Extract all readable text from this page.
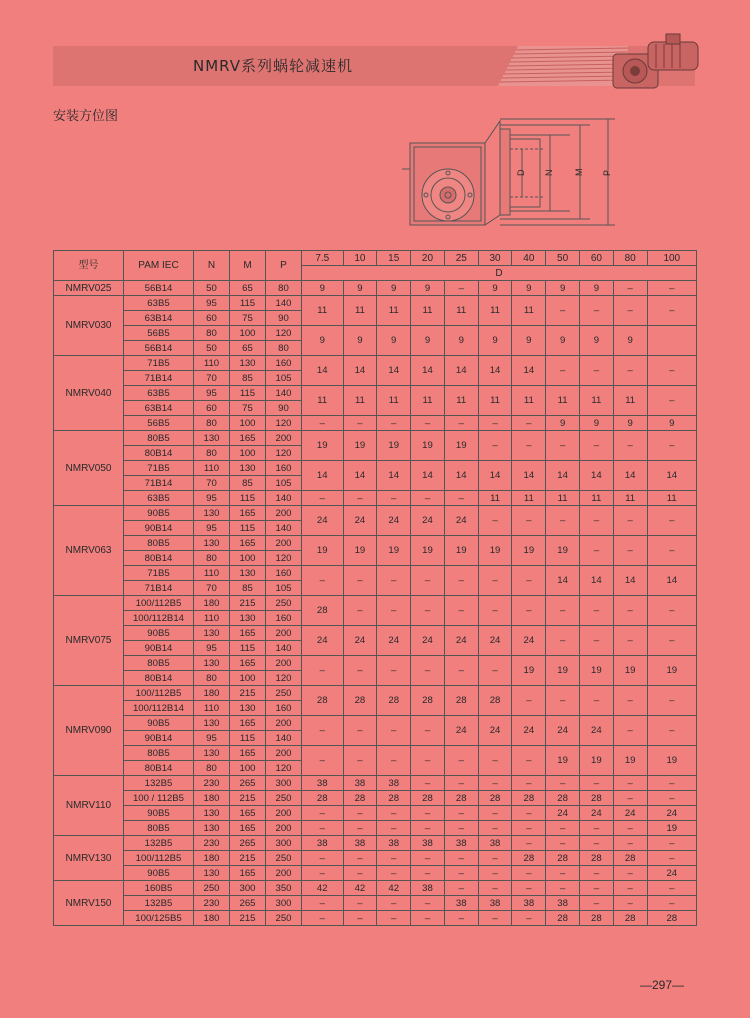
NMRV系列蜗轮减速机
安装方位图
D N M P
型号	PAM IEC	N	M	P	7.5	10	15	20	25	30	40	50	60	80	100
					D										
NMRV025	56B14	50	65	80	9	9	9	9	–	9	9	9	9	–	–
NMRV030	63B5	95	115	140	11	11	11	11	11	11	11	–	–	–	–
	63B14	60	75	90											
	56B5	80	100	120	9	9	9	9	9	9	9	9	9	9	
	56B14	50	65	80											
NMRV040	71B5	110	130	160	14	14	14	14	14	14	14	–	–	–	–
	71B14	70	85	105											
	63B5	95	115	140	11	11	11	11	11	11	11	11	11	11	–
	63B14	60	75	90											
	56B5	80	100	120	–	–	–	–	–	–	–	9	9	9	9
NMRV050	80B5	130	165	200	19	19	19	19	19	–	–	–	–	–	–
	80B14	80	100	120											
	71B5	110	130	160	14	14	14	14	14	14	14	14	14	14	14
	71B14	70	85	105											
	63B5	95	115	140	–	–	–	–	–	11	11	11	11	11	11
NMRV063	90B5	130	165	200	24	24	24	24	24	–	–	–	–	–	–
	90B14	95	115	140											
	80B5	130	165	200	19	19	19	19	19	19	19	19	–	–	–
	80B14	80	100	120											
	71B5	110	130	160	–	–	–	–	–	–	–	14	14	14	14
	71B14	70	85	105											
NMRV075	100/112B5	180	215	250	28	–	–	–	–	–	–	–	–	–	–
	100/112B14	110	130	160											
	90B5	130	165	200	24	24	24	24	24	24	24	–	–	–	–
	90B14	95	115	140											
	80B5	130	165	200	–	–	–	–	–	–	19	19	19	19	19
	80B14	80	100	120											
NMRV090	100/112B5	180	215	250	28	28	28	28	28	28	–	–	–	–	–
	100/112B14	110	130	160											
	90B5	130	165	200	–	–	–	–	24	24	24	24	24	–	–
	90B14	95	115	140											
	80B5	130	165	200	–	–	–	–	–	–	–	19	19	19	19
	80B14	80	100	120											
NMRV110	132B5	230	265	300	38	38	38	–	–	–	–	–	–	–	–
	100 / 112B5	180	215	250	28	28	28	28	28	28	28	28	28	–	–
	90B5	130	165	200	–	–	–	–	–	–	–	24	24	24	24
	80B5	130	165	200	–	–	–	–	–	–	–	–	–	–	19
NMRV130	132B5	230	265	300	38	38	38	38	38	38	–	–	–	–	–
	100/112B5	180	215	250	–	–	–	–	–	–	28	28	28	28	–
	90B5	130	165	200	–	–	–	–	–	–	–	–	–	–	24
NMRV150	160B5	250	300	350	42	42	42	38	–	–	–	–	–	–	–
	132B5	230	265	300	–	–	–	–	38	38	38	38	–	–	–
	100/125B5	180	215	250	–	–	–	–	–	–	–	28	28	28	28
—297—
